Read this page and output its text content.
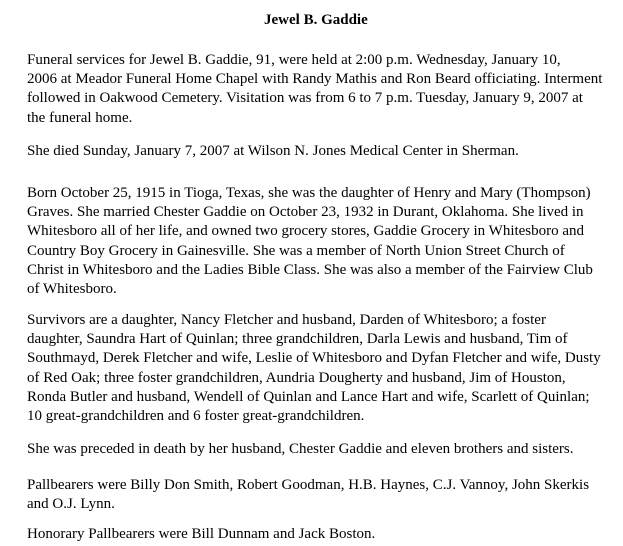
Jewel B. Gaddie
Funeral services for Jewel B. Gaddie, 91, were held at 2:00 p.m. Wednesday, January 10,
2006 at Meador Funeral Home Chapel with Randy Mathis and Ron Beard officiating. Interment
followed in Oakwood Cemetery. Visitation was from 6 to 7 p.m. Tuesday, January 9, 2007 at
the funeral home.
She died Sunday, January 7, 2007 at Wilson N. Jones Medical Center in Sherman.
Born October 25, 1915 in Tioga, Texas, she was the daughter of Henry and Mary (Thompson)
Graves. She married Chester Gaddie on October 23, 1932 in Durant, Oklahoma. She lived in
Whitesboro all of her life, and owned two grocery stores, Gaddie Grocery in Whitesboro and
Country Boy Grocery in Gainesville. She was a member of North Union Street Church of
Christ in Whitesboro and the Ladies Bible Class. She was also a member of the Fairview Club
of Whitesboro.
Survivors are a daughter, Nancy Fletcher and husband, Darden of Whitesboro; a foster
daughter, Saundra Hart of Quinlan; three grandchildren, Darla Lewis and husband, Tim of
Southmayd, Derek Fletcher and wife, Leslie of Whitesboro and Dyfan Fletcher and wife, Dusty
of Red Oak; three foster grandchildren, Aundria Dougherty and husband, Jim of Houston,
Ronda Butler and husband, Wendell of Quinlan and Lance Hart and wife, Scarlett of Quinlan;
10 great-grandchildren and 6 foster great-grandchildren.
She was preceded in death by her husband, Chester Gaddie and eleven brothers and sisters.
Pallbearers were Billy Don Smith, Robert Goodman, H.B. Haynes, C.J. Vannoy, John Skerkis
and O.J. Lynn.
Honorary Pallbearers were Bill Dunnam and Jack Boston.
